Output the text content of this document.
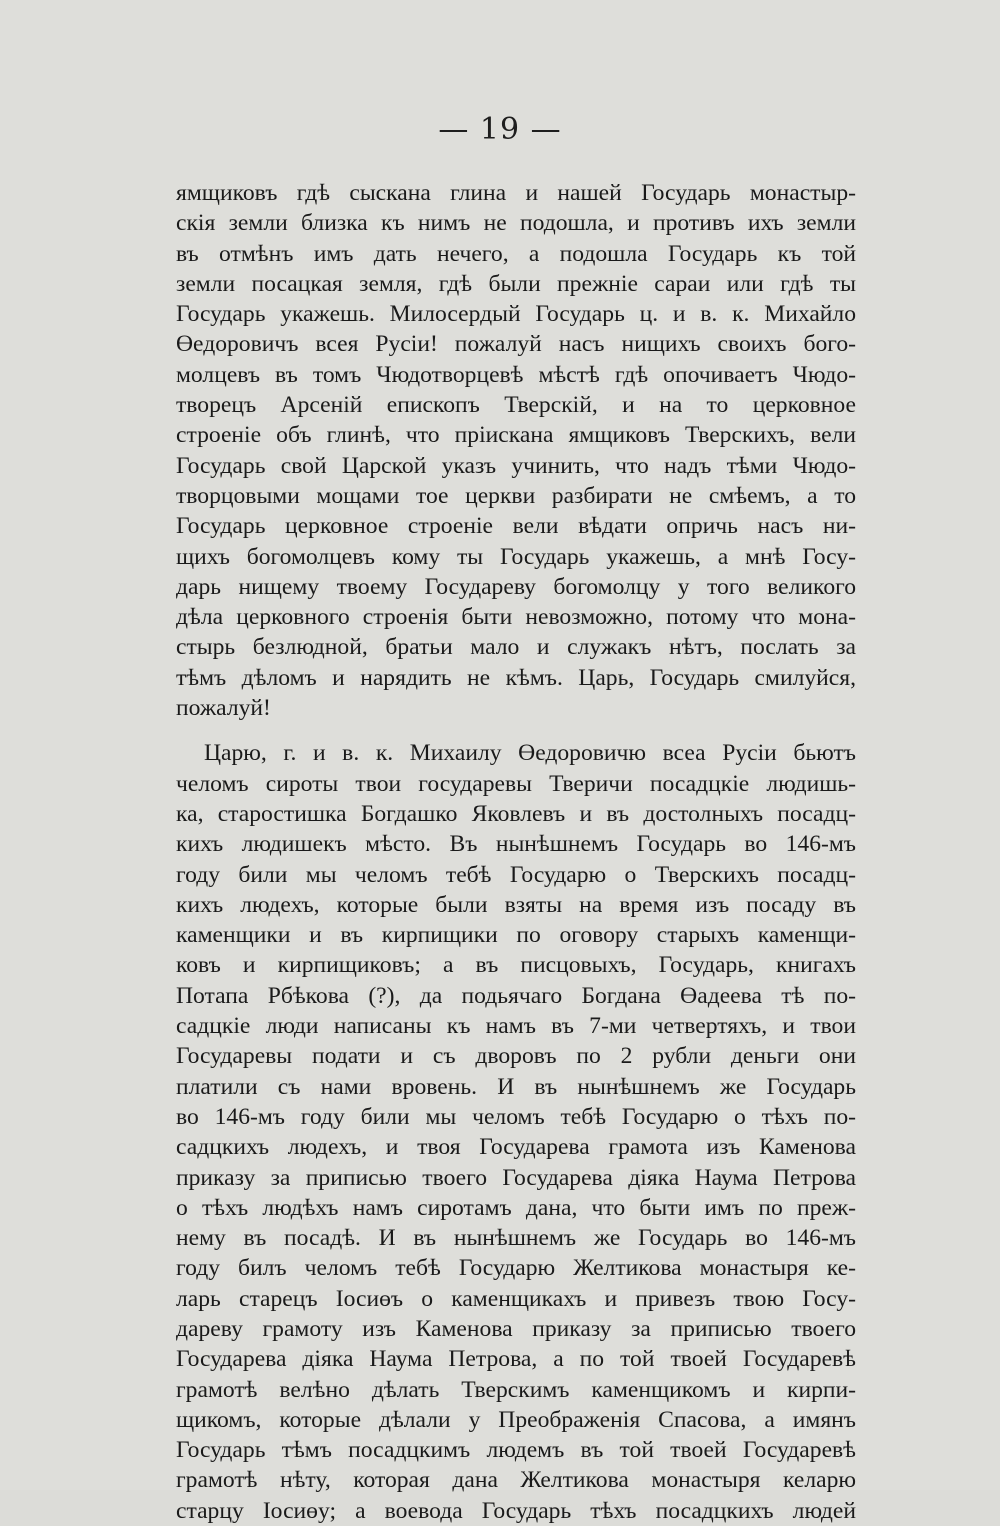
— 19 —
ямщиковъ гдѣ сыскана глина и нашей Государь монастыр-
скія земли близка къ нимъ не подошла, и противъ ихъ земли
въ отмѣнъ имъ дать нечего, а подошла Государь къ той
земли посацкая земля, гдѣ были прежніе сараи или гдѣ ты
Государь укажешь. Милосердый Государь ц. и в. к. Михайло
Өедоровичъ всея Русіи! пожалуй насъ нищихъ своихъ бого-
молцевъ въ томъ Чюдотворцевѣ мѣстѣ гдѣ опочиваетъ Чюдо-
творецъ Арсеній епископъ Тверскій, и на то церковное
строеніе объ глинѣ, что пріискана ямщиковъ Тверскихъ, вели
Государь свой Царской указъ учинить, что надъ тѣми Чюдо-
творцовыми мощами тое церкви разбирати не смѣемъ, а то
Государь церковное строеніе вели вѣдати опричь насъ ни-
щихъ богомолцевъ кому ты Государь укажешь, а мнѣ Госу-
дарь нищему твоему Государеву богомолцу у того великого
дѣла церковного строенія быти невозможно, потому что мона-
стырь безлюдной, братьи мало и служакъ нѣтъ, послать за
тѣмъ дѣломъ и нарядить не кѣмъ. Царь, Государь смилуйся,
пожалуй!
Царю, г. и в. к. Михаилу Өедоровичю всеа Русіи бьютъ
челомъ сироты твои государевы Тверичи посадцкіе людишь-
ка, старостишка Богдашко Яковлевъ и въ достолныхъ посадц-
кихъ людишекъ мѣсто. Въ нынѣшнемъ Государь во 146-мъ
году били мы челомъ тебѣ Государю о Тверскихъ посадц-
кихъ людехъ, которые были взяты на время изъ посаду въ
каменщики и въ кирпищики по оговору старыхъ каменщи-
ковъ и кирпищиковъ; а въ писцовыхъ, Государь, книгахъ
Потапа Рбѣкова (?), да подьячаго Богдана Өадеева тѣ по-
садцкіе люди написаны къ намъ въ 7-ми четвертяхъ, и твои
Государевы подати и съ дворовъ по 2 рубли деньги они
платили съ нами вровень. И въ нынѣшнемъ же Государь
во 146-мъ году били мы челомъ тебѣ Государю о тѣхъ по-
садцкихъ людехъ, и твоя Государева грамота изъ Каменова
приказу за приписью твоего Государева діяка Наума Петрова
о тѣхъ людѣхъ намъ сиротамъ дана, что быти имъ по преж-
нему въ посадѣ. И въ нынѣшнемъ же Государь во 146-мъ
году билъ челомъ тебѣ Государю Желтикова монастыря ке-
ларь старецъ Іосиөъ о каменщикахъ и привезъ твою Госу-
дареву грамоту изъ Каменова приказу за приписью твоего
Государева діяка Наума Петрова, а по той твоей Государевѣ
грамотѣ велѣно дѣлать Тверскимъ каменщикомъ и кирпи-
щикомъ, которые дѣлали у Преображенія Спасова, а имянъ
Государь тѣмъ посадцкимъ людемъ въ той твоей Государевѣ
грамотѣ нѣту, которая дана Желтикова монастыря келарю
старцу Іосиөу; а воевода Государь тѣхъ посадцкихъ людей
